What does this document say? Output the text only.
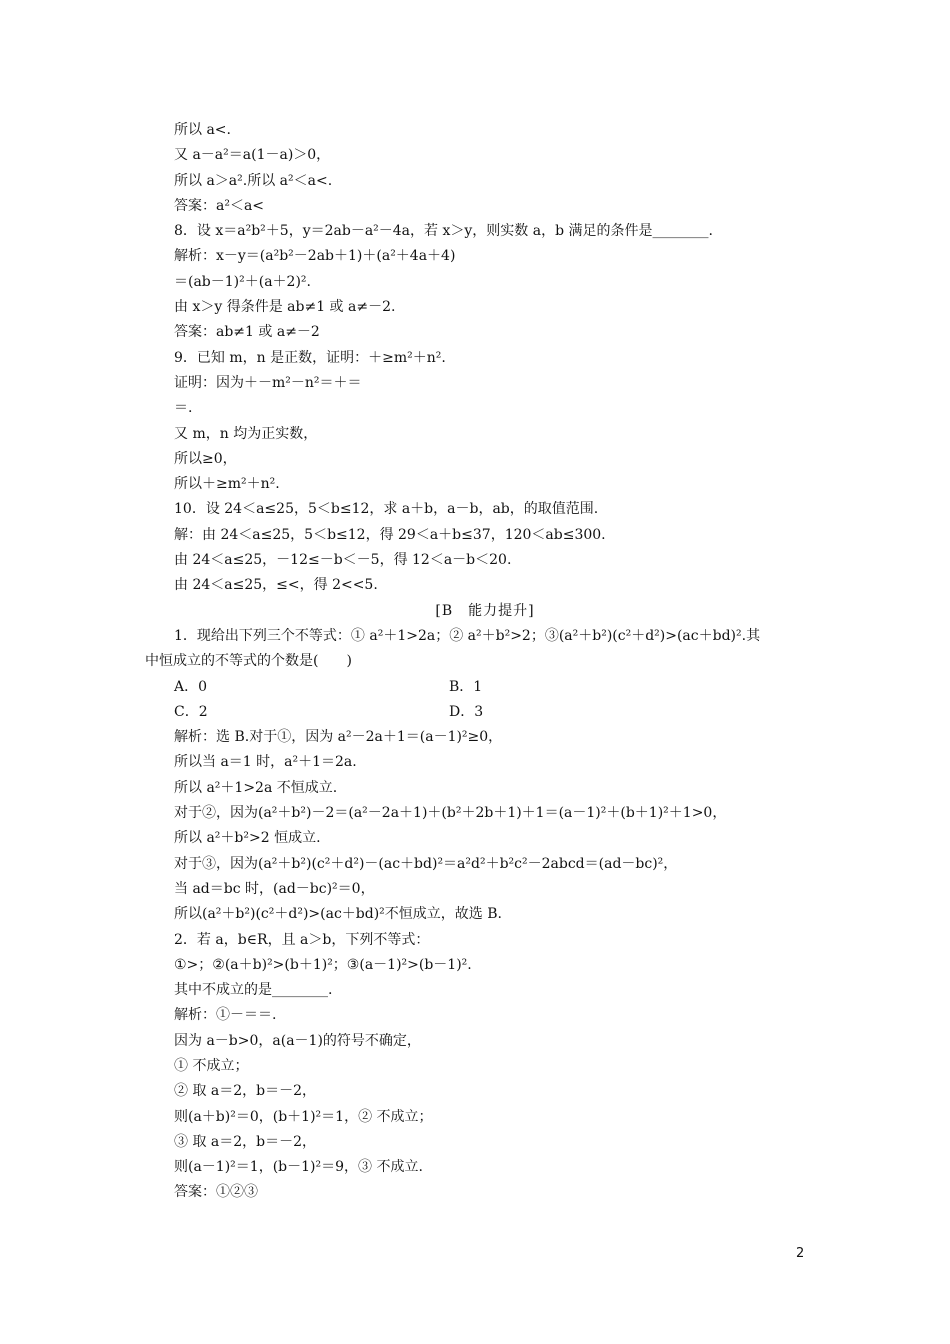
所以 a<.
又 a－a²＝a(1－a)＞0，
所以 a＞a².所以 a²＜a<.
答案：a²＜a<
8．设 x＝a²b²＋5，y＝2ab－a²－4a，若 x＞y，则实数 a，b 满足的条件是________.
解析：x－y＝(a²b²－2ab＋1)＋(a²＋4a＋4)
＝(ab－1)²＋(a＋2)².
由 x＞y 得条件是 ab≠1 或 a≠－2.
答案：ab≠1 或 a≠－2
9．已知 m，n 是正数，证明：＋≥m²＋n².
证明：因为＋－m²－n²＝＋＝
＝.
又 m，n 均为正实数，
所以≥0，
所以＋≥m²＋n².
10．设 24＜a≤25，5＜b≤12，求 a＋b，a－b，ab，的取值范围.
解：由 24＜a≤25，5＜b≤12，得 29＜a＋b≤37，120＜ab≤300.
由 24＜a≤25，－12≤－b＜－5，得 12＜a－b＜20.
由 24＜a≤25，≤<，得 2<<5.
[B　能力提升]
1．现给出下列三个不等式：① a²＋1>2a；② a²＋b²>2；③(a²＋b²)(c²＋d²)>(ac＋bd)².其
中恒成立的不等式的个数是(　　)
A．0	B．1
C．2	D．3
解析：选 B.对于①，因为 a²－2a＋1＝(a－1)²≥0，
所以当 a＝1 时，a²＋1＝2a.
所以 a²＋1>2a 不恒成立.
对于②，因为(a²＋b²)－2＝(a²－2a＋1)＋(b²＋2b＋1)＋1＝(a－1)²＋(b＋1)²＋1>0，
所以 a²＋b²>2 恒成立.
对于③，因为(a²＋b²)(c²＋d²)－(ac＋bd)²＝a²d²＋b²c²－2abcd＝(ad－bc)²，
当 ad＝bc 时，(ad－bc)²＝0，
所以(a²＋b²)(c²＋d²)>(ac＋bd)²不恒成立，故选 B.
2．若 a，b∈R，且 a＞b，下列不等式：
①>；②(a＋b)²>(b＋1)²；③(a－1)²>(b－1)².
其中不成立的是________.
解析：①－＝＝.
因为 a－b>0，a(a－1)的符号不确定，
① 不成立；
② 取 a＝2，b＝－2，
则(a＋b)²＝0，(b＋1)²＝1，② 不成立；
③ 取 a＝2，b＝－2，
则(a－1)²＝1，(b－1)²＝9，③ 不成立.
答案：①②③
2
